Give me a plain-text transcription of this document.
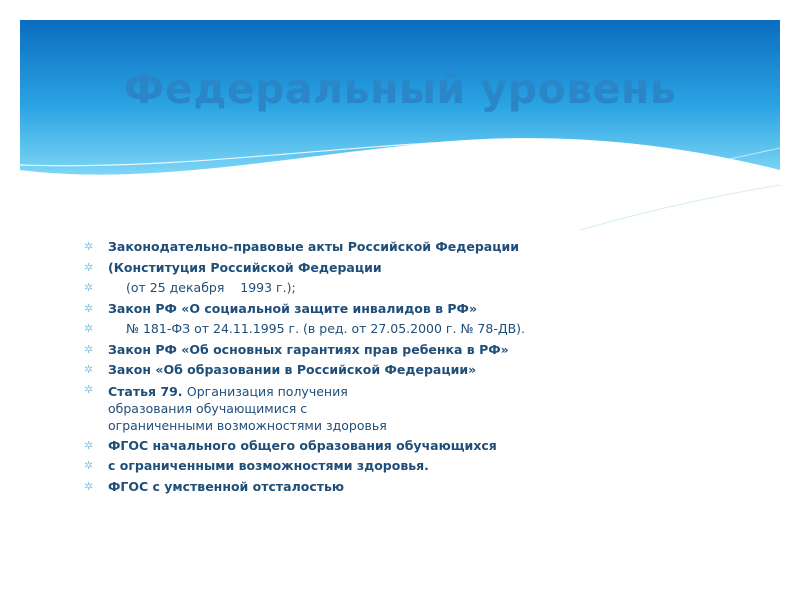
Федеральный уровень
✲ Законодательно-правовые акты Российской Федерации
✲ (Конституция Российской Федерации
✲	(от 25 декабря    1993 г.);
✲ Закон РФ «О социальной защите инвалидов в РФ»
✲	№ 181-ФЗ от 24.11.1995 г. (в ред. от 27.05.2000 г. № 78-ДВ).
✲ Закон РФ «Об основных гарантиях прав ребенка в РФ»
✲ Закон «Об образовании в Российской Федерации»
✲ Статья 79. Организация получения
образования обучающимися с
ограниченными возможностями здоровья
✲ ФГОС начального общего образования обучающихся
✲ с ограниченными возможностями здоровья.
✲ ФГОС с умственной отсталостью
